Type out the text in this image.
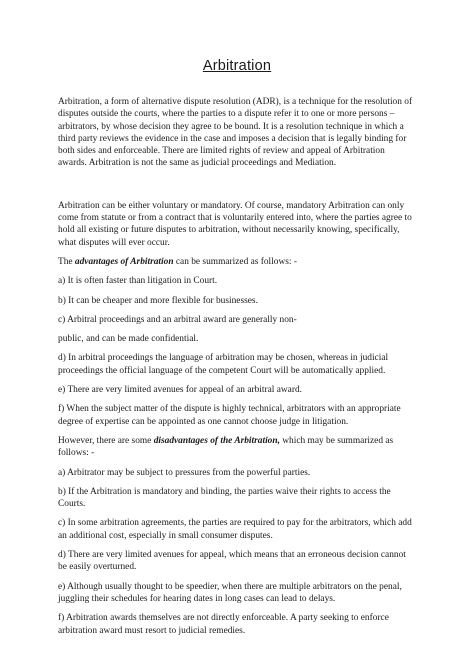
Arbitration

Arbitration, a form of alternative dispute resolution (ADR), is a technique for the resolution of disputes outside the courts, where the parties to a dispute refer it to one or more persons – arbitrators, by whose decision they agree to be bound. It is a resolution technique in which a third party reviews the evidence in the case and imposes a decision that is legally binding for both sides and enforceable. There are limited rights of review and appeal of Arbitration awards. Arbitration is not the same as judicial proceedings and Mediation.

Arbitration can be either voluntary or mandatory. Of course, mandatory Arbitration can only come from statute or from a contract that is voluntarily entered into, where the parties agree to hold all existing or future disputes to arbitration, without necessarily knowing, specifically, what disputes will ever occur.

The advantages of Arbitration can be summarized as follows: -

a) It is often faster than litigation in Court.

b) It can be cheaper and more flexible for businesses.

c) Arbitral proceedings and an arbitral award are generally non-

public, and can be made confidential.

d) In arbitral proceedings the language of arbitration may be chosen, whereas in judicial proceedings the official language of the competent Court will be automatically applied.

e) There are very limited avenues for appeal of an arbitral award.

f) When the subject matter of the dispute is highly technical, arbitrators with an appropriate degree of expertise can be appointed as one cannot choose judge in litigation.

However, there are some disadvantages of the Arbitration, which may be summarized as follows: -

a) Arbitrator may be subject to pressures from the powerful parties.

b) If the Arbitration is mandatory and binding, the parties waive their rights to access the Courts.

c) In some arbitration agreements, the parties are required to pay for the arbitrators, which add an additional cost, especially in small consumer disputes.

d) There are very limited avenues for appeal, which means that an erroneous decision cannot be easily overturned.

e) Although usually thought to be speedier, when there are multiple arbitrators on the penal, juggling their schedules for hearing dates in long cases can lead to delays.

f) Arbitration awards themselves are not directly enforceable. A party seeking to enforce arbitration award must resort to judicial remedies.
